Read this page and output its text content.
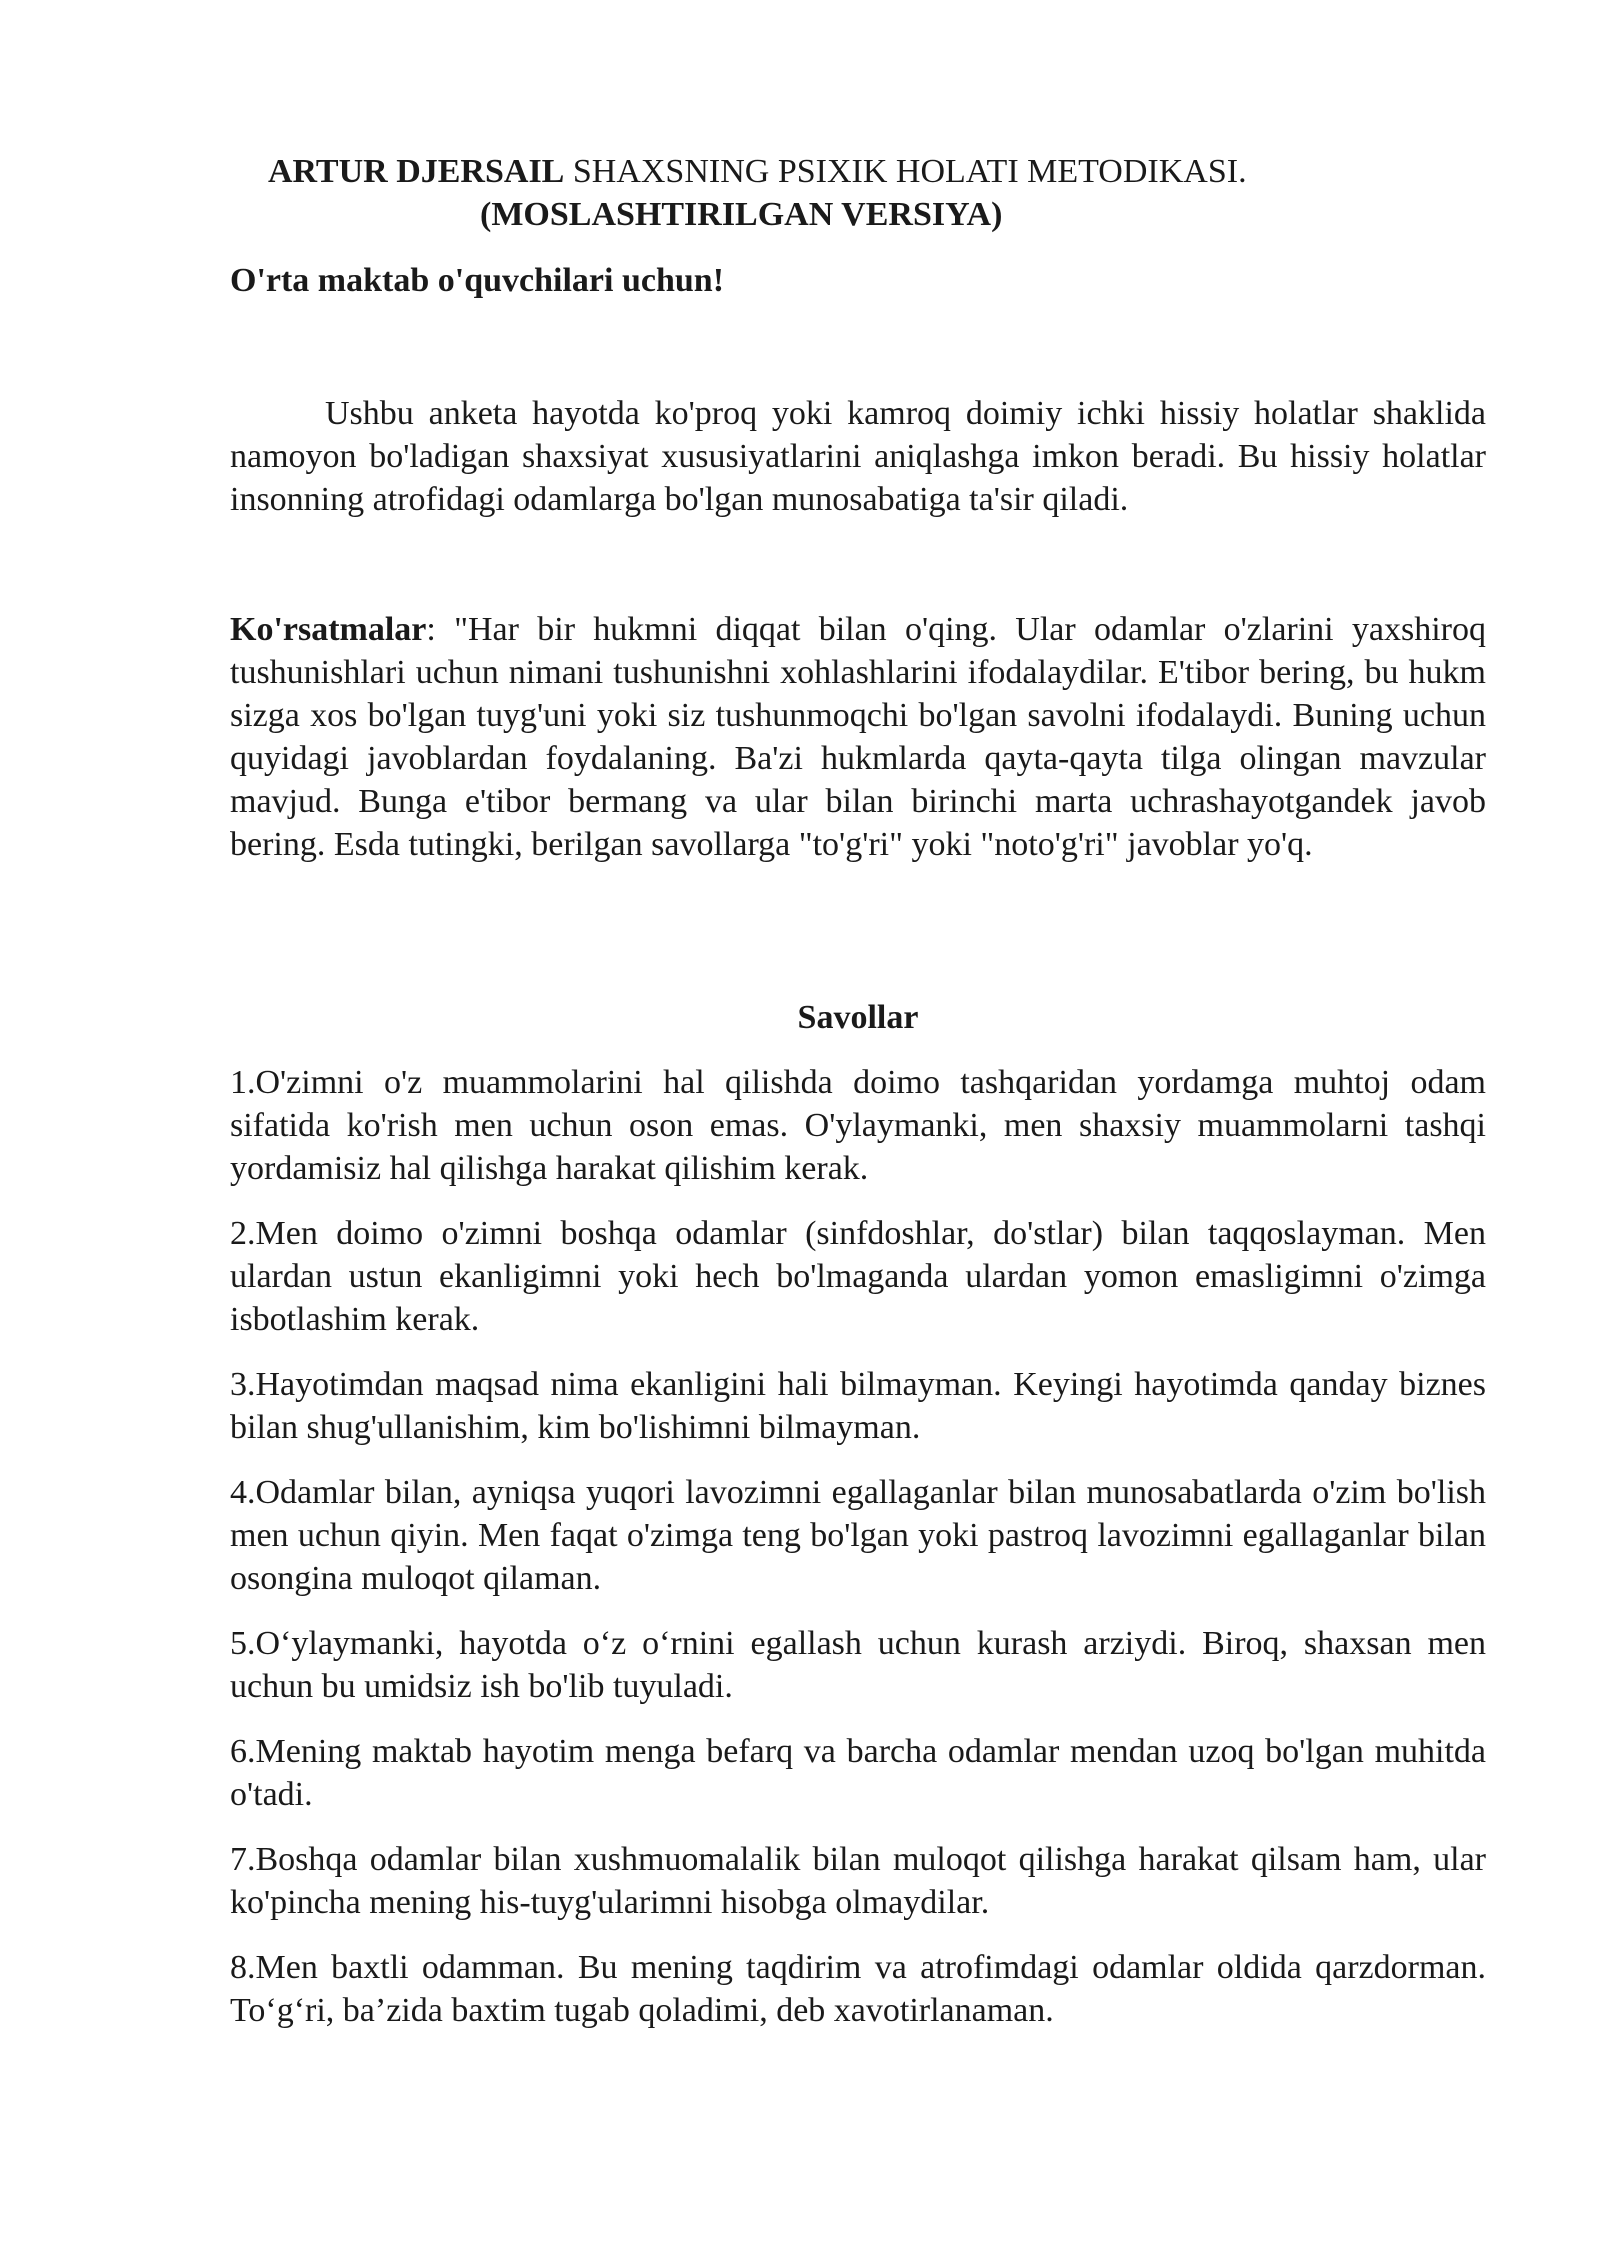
ARTUR DJERSAIL SHAXSNING PSIXIK HOLATI METODIKASI.
(MOSLASHTIRILGAN VERSIYA)
O'rta maktab o'quvchilari uchun!

Ushbu anketa hayotda ko'proq yoki kamroq doimiy ichki hissiy holatlar shaklida namoyon bo'ladigan shaxsiyat xususiyatlarini aniqlashga imkon beradi. Bu hissiy holatlar insonning atrofidagi odamlarga bo'lgan munosabatiga ta'sir qiladi.

Ko'rsatmalar: "Har bir hukmni diqqat bilan o'qing. Ular odamlar o'zlarini yaxshiroq tushunishlari uchun nimani tushunishni xohlashlarini ifodalaydilar. E'tibor bering, bu hukm sizga xos bo'lgan tuyg'uni yoki siz tushunmoqchi bo'lgan savolni ifodalaydi. Buning uchun quyidagi javoblardan foydalaning. Ba'zi hukmlarda qayta-qayta tilga olingan mavzular mavjud. Bunga e'tibor bermang va ular bilan birinchi marta uchrashayotgandek javob bering. Esda tutingki, berilgan savollarga "to'g'ri" yoki "noto'g'ri" javoblar yo'q.

Savollar

1.O'zimni o'z muammolarini hal qilishda doimo tashqaridan yordamga muhtoj odam sifatida ko'rish men uchun oson emas. O'ylaymanki, men shaxsiy muammolarni tashqi yordamisiz hal qilishga harakat qilishim kerak.

2.Men doimo o'zimni boshqa odamlar (sinfdoshlar, do'stlar) bilan taqqoslayman. Men ulardan ustun ekanligimni yoki hech bo'lmaganda ulardan yomon emasligimni o'zimga isbotlashim kerak.

3.Hayotimdan maqsad nima ekanligini hali bilmayman. Keyingi hayotimda qanday biznes bilan shug'ullanishim, kim bo'lishimni bilmayman.

4.Odamlar bilan, ayniqsa yuqori lavozimni egallaganlar bilan munosabatlarda o'zim bo'lish men uchun qiyin. Men faqat o'zimga teng bo'lgan yoki pastroq lavozimni egallaganlar bilan osongina muloqot qilaman.

5.O‘ylaymanki, hayotda o‘z o‘rnini egallash uchun kurash arziydi. Biroq, shaxsan men uchun bu umidsiz ish bo'lib tuyuladi.

6.Mening maktab hayotim menga befarq va barcha odamlar mendan uzoq bo'lgan muhitda o'tadi.

7.Boshqa odamlar bilan xushmuomalalik bilan muloqot qilishga harakat qilsam ham, ular ko'pincha mening his-tuyg'ularimni hisobga olmaydilar.

8.Men baxtli odamman. Bu mening taqdirim va atrofimdagi odamlar oldida qarzdorman. To‘g‘ri, ba’zida baxtim tugab qoladimi, deb xavotirlanaman.
